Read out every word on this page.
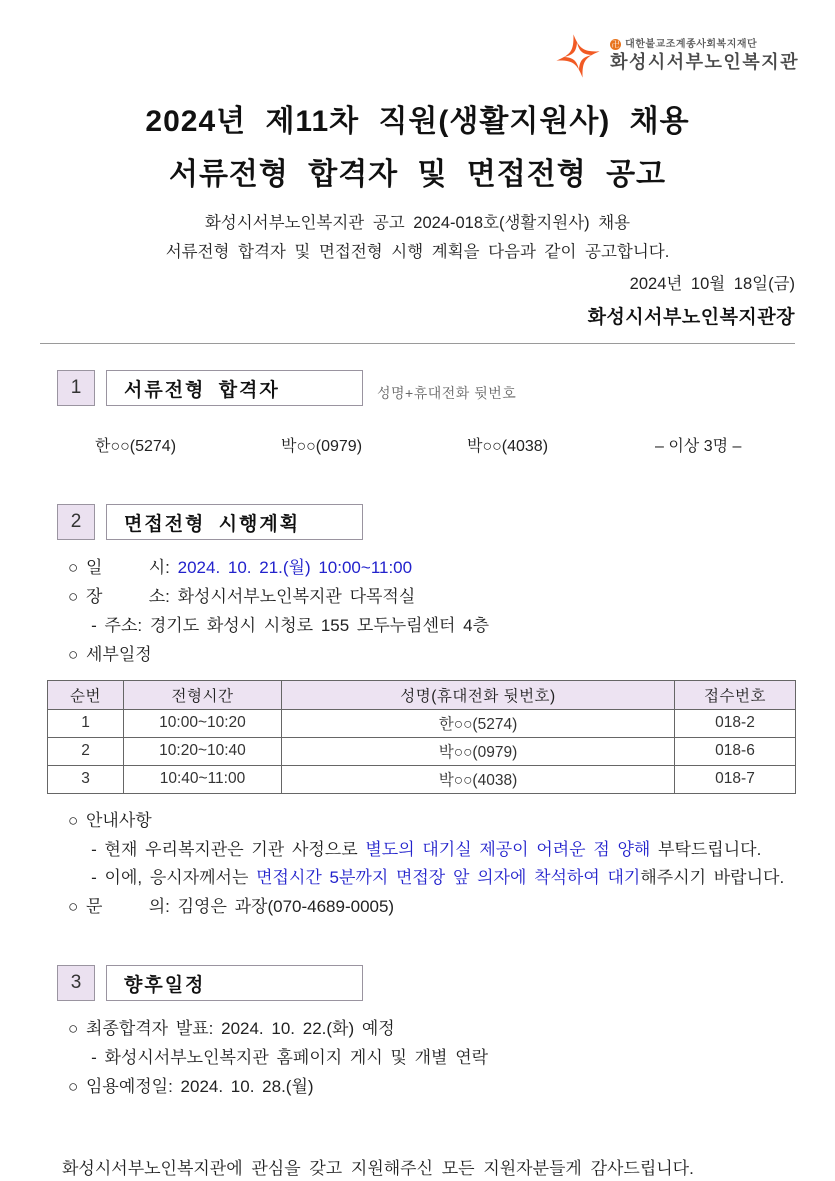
卍 대한불교조계종사회복지재단
화성시서부노인복지관
2024년 제11차 직원(생활지원사) 채용
서류전형 합격자 및 면접전형 공고
화성시서부노인복지관 공고 2024-018호(생활지원사) 채용
서류전형 합격자 및 면접전형 시행 계획을 다음과 같이 공고합니다.
2024년 10월 18일(금)
화성시서부노인복지관장
1	서류전형 합격자	성명+휴대전화 뒷번호
한○○(5274)	박○○(0979)	박○○(4038)	– 이상 3명 –
2	면접전형 시행계획
○ 일      시: 2024. 10. 21.(월) 10:00~11:00
○ 장      소: 화성시서부노인복지관 다목적실
- 주소: 경기도 화성시 시청로 155 모두누림센터 4층
○ 세부일정
순번	전형시간	성명(휴대전화 뒷번호)	접수번호
1	10:00~10:20	한○○(5274)	018-2
2	10:20~10:40	박○○(0979)	018-6
3	10:40~11:00	박○○(4038)	018-7
○ 안내사항
- 현재 우리복지관은 기관 사정으로 별도의 대기실 제공이 어려운 점 양해 부탁드립니다.
- 이에, 응시자께서는 면접시간 5분까지 면접장 앞 의자에 착석하여 대기해주시기 바랍니다.
○ 문      의: 김영은 과장(070-4689-0005)
3	향후일정
○ 최종합격자 발표: 2024. 10. 22.(화) 예정
- 화성시서부노인복지관 홈페이지 게시 및 개별 연락
○ 임용예정일: 2024. 10. 28.(월)
화성시서부노인복지관에 관심을 갖고 지원해주신 모든 지원자분들게 감사드립니다.
